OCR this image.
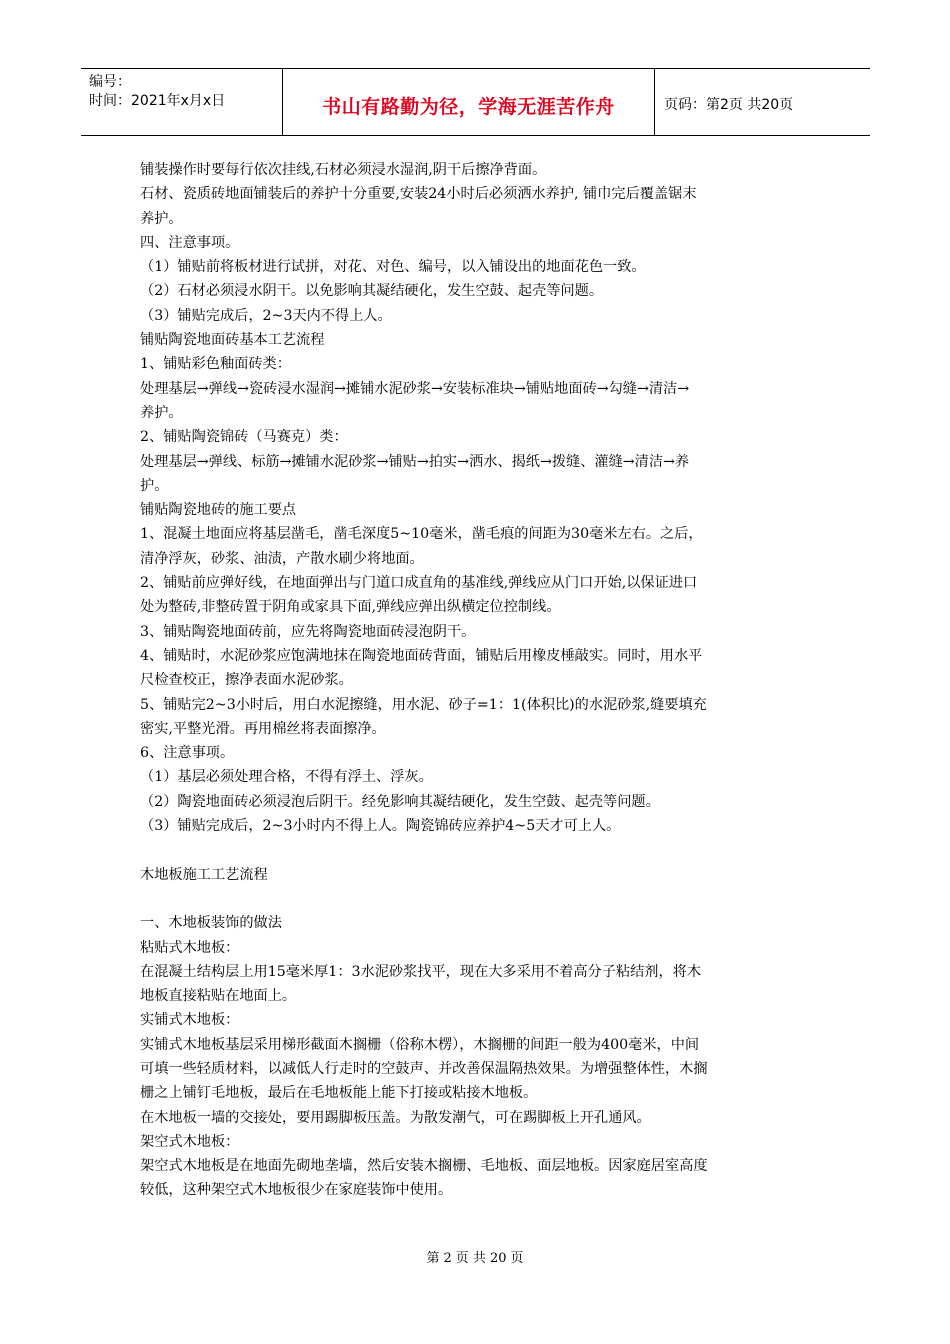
编号：
时间：2021年x月x日	书山有路勤为径，学海无涯苦作舟	页码：第2页 共20页

铺装操作时要每行依次挂线,石材必须浸水湿润,阴干后擦净背面。

石材、瓷质砖地面铺装后的养护十分重要,安装24小时后必须洒水养护, 铺巾完后覆盖锯末

养护。

四、注意事项。

（1）铺贴前将板材进行试拼，对花、对色、编号，以入铺设出的地面花色一致。

（2）石材必须浸水阴干。以免影响其凝结硬化，发生空鼓、起壳等问题。

（3）铺贴完成后，2~3天内不得上人。

铺贴陶瓷地面砖基本工艺流程

1、铺贴彩色釉面砖类：

处理基层→弹线→瓷砖浸水湿润→摊铺水泥砂浆→安装标准块→铺贴地面砖→勾缝→清洁→

养护。

2、铺贴陶瓷锦砖（马赛克）类：

处理基层→弹线、标筋→摊铺水泥砂浆→铺贴→拍实→洒水、揭纸→拨缝、灌缝→清洁→养

护。

铺贴陶瓷地砖的施工要点

1、混凝土地面应将基层凿毛，凿毛深度5~10毫米，凿毛痕的间距为30毫米左右。之后，

清净浮灰，砂浆、油渍，产散水刷少将地面。

2、铺贴前应弹好线，在地面弹出与门道口成直角的基准线,弹线应从门口开始,以保证进口

处为整砖,非整砖置于阴角或家具下面,弹线应弹出纵横定位控制线。

3、铺贴陶瓷地面砖前，应先将陶瓷地面砖浸泡阴干。

4、铺贴时，水泥砂浆应饱满地抹在陶瓷地面砖背面，铺贴后用橡皮棰敲实。同时，用水平

尺检查校正，擦净表面水泥砂浆。

5、铺贴完2~3小时后，用白水泥擦缝，用水泥、砂子=1：1(体积比)的水泥砂浆,缝要填充

密实,平整光滑。再用棉丝将表面擦净。

6、注意事项。

（1）基层必须处理合格，不得有浮土、浮灰。

（2）陶瓷地面砖必须浸泡后阴干。经免影响其凝结硬化，发生空鼓、起壳等问题。

（3）铺贴完成后，2~3小时内不得上人。陶瓷锦砖应养护4~5天才可上人。

木地板施工工艺流程

一、木地板装饰的做法

粘贴式木地板：

在混凝土结构层上用15毫米厚1：3水泥砂浆找平，现在大多采用不着高分子粘结剂，将木

地板直接粘贴在地面上。

实铺式木地板：

实铺式木地板基层采用梯形截面木搁栅（俗称木楞），木搁栅的间距一般为400毫米，中间

可填一些轻质材料，以减低人行走时的空鼓声、并改善保温隔热效果。为增强整体性，木搁

栅之上铺钉毛地板，最后在毛地板能上能下打接或粘接木地板。

在木地板一墙的交接处，要用踢脚板压盖。为散发潮气，可在踢脚板上开孔通风。

架空式木地板：

架空式木地板是在地面先砌地垄墙，然后安装木搁栅、毛地板、面层地板。因家庭居室高度

较低，这种架空式木地板很少在家庭装饰中使用。

第 2 页 共 20 页
